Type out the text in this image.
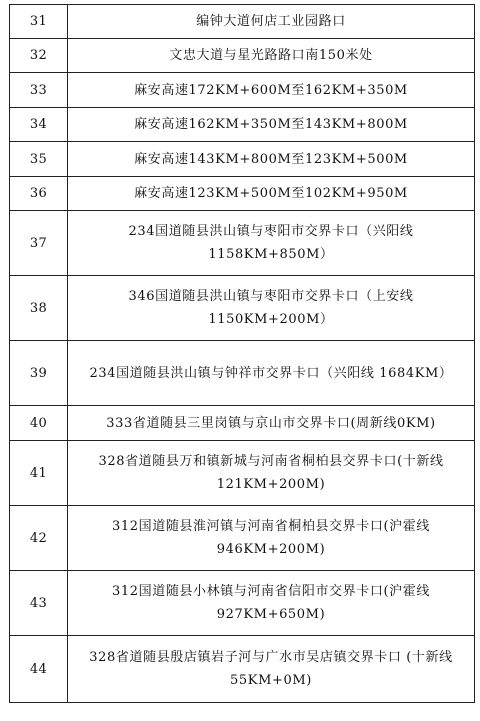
31	编钟大道何店工业园路口
32	文忠大道与星光路路口南150米处
33	麻安高速172KM+600M至162KM+350M
34	麻安高速162KM+350M至143KM+800M
35	麻安高速143KM+800M至123KM+500M
36	麻安高速123KM+500M至102KM+950M
37	234国道随县洪山镇与枣阳市交界卡口（兴阳线 1158KM+850M）
38	346国道随县洪山镇与枣阳市交界卡口（上安线 1150KM+200M）
39	234国道随县洪山镇与钟祥市交界卡口（兴阳线 1684KM）
40	333省道随县三里岗镇与京山市交界卡口(周新线0KM)
41	328省道随县万和镇新城与河南省桐柏县交界卡口(十新线121KM+200M)
42	312国道随县淮河镇与河南省桐柏县交界卡口(沪霍线 946KM+200M)
43	312国道随县小林镇与河南省信阳市交界卡口(沪霍线 927KM+650M)
44	328省道随县殷店镇岩子河与广水市吴店镇交界卡口 (十新线55KM+0M)
